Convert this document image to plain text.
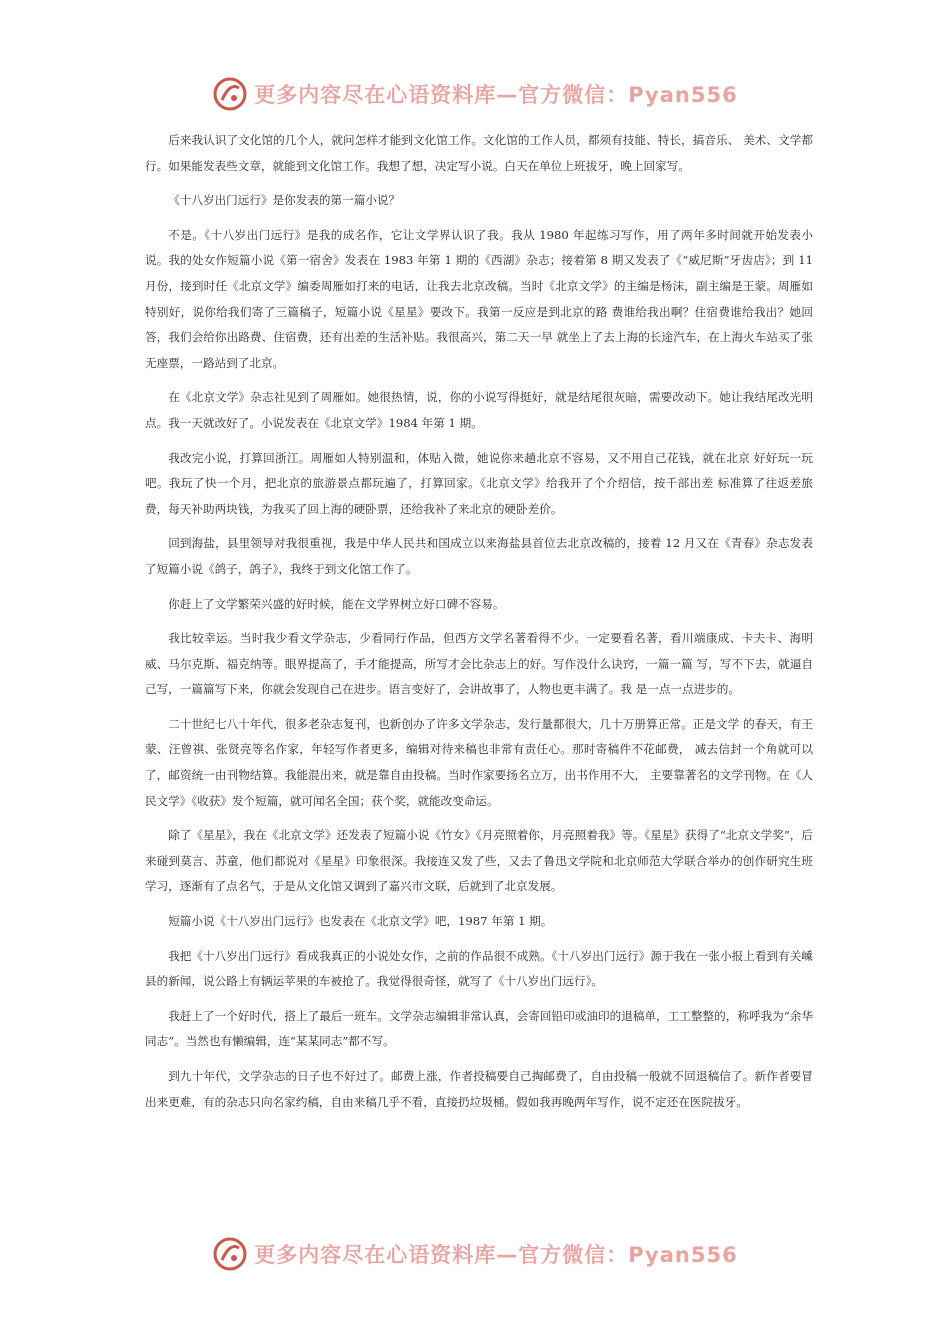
更多内容尽在心语资料库—官方微信：Pyan556

后来我认识了文化馆的几个人，就问怎样才能到文化馆工作。文化馆的工作人员，都须有技能、特长，搞音乐、 美术、文学都行。如果能发表些文章，就能到文化馆工作。我想了想，决定写小说。白天在单位上班拔牙，晚上回家写。

《十八岁出门远行》是你发表的第一篇小说？

不是。《十八岁出门远行》是我的成名作，它让文学界认识了我。我从 1980 年起练习写作，用了两年多时间就开始发表小说。我的处女作短篇小说《第一宿舍》发表在 1983 年第 1 期的《西湖》杂志；接着第 8 期又发表了《“威尼斯”牙齿店》；到 11 月份，接到时任《北京文学》编委周雁如打来的电话，让我去北京改稿。当时《北京文学》的主编是杨沫，副主编是王蒙。周雁如特别好，说你给我们寄了三篇稿子，短篇小说《星星》要改下。我第一反应是到北京的路 费谁给我出啊？住宿费谁给我出？她回答，我们会给你出路费、住宿费，还有出差的生活补贴。我很高兴，第二天一早 就坐上了去上海的长途汽车，在上海火车站买了张无座票，一路站到了北京。

在《北京文学》杂志社见到了周雁如。她很热情，说，你的小说写得挺好，就是结尾很灰暗，需要改动下。她让我结尾改光明点。我一天就改好了。小说发表在《北京文学》1984 年第 1 期。

我改完小说，打算回浙江。周雁如人特别温和，体贴入微，她说你来趟北京不容易，又不用自己花钱，就在北京 好好玩一玩吧。我玩了快一个月，把北京的旅游景点都玩遍了，打算回家。《北京文学》给我开了个介绍信，按千部出差 标准算了往返差旅费，每天补助两块钱，为我买了回上海的硬卧票，还给我补了来北京的硬卧差价。

回到海盐，县里领导对我很重视，我是中华人民共和国成立以来海盐县首位去北京改稿的，接着 12 月又在《青春》杂志发表了短篇小说《鸽子，鸽子》，我终于到文化馆工作了。

你赶上了文学繁荣兴盛的好时候，能在文学界树立好口碑不容易。

我比较幸运。当时我少看文学杂志，少看同行作品，但西方文学名著看得不少。一定要看名著，看川端康成、卡夫卡、海明威、马尔克斯、福克纳等。眼界提高了，手才能提高，所写才会比杂志上的好。写作没什么诀窍，一篇一篇 写，写不下去，就逼自己写，一篇篇写下来，你就会发现自己在进步。语言变好了，会讲故事了，人物也更丰满了。我 是一点一点进步的。

二十世纪七八十年代，很多老杂志复刊，也新创办了许多文学杂志，发行量都很大，几十万册算正常。正是文学 的春天，有王蒙、汪曾祺、张贤亮等名作家，年轻写作者更多，编辑对待来稿也非常有责任心。那时寄稿件不花邮费， 减去信封一个角就可以了，邮资统一由刊物结算。我能混出来，就是靠自由投稿。当时作家要扬名立万，出书作用不大， 主要靠著名的文学刊物。在《人民文学》《收获》发个短篇，就可闻名全国；获个奖，就能改变命运。

除了《星星》，我在《北京文学》还发表了短篇小说《竹女》《月亮照着你，月亮照着我》等。《星星》获得了“北京文学奖”，后来碰到莫言、苏童，他们都说对《星星》印象很深。我接连又发了些，又去了鲁迅文学院和北京师范大学联合举办的创作研究生班学习，逐渐有了点名气，于是从文化馆又调到了嘉兴市文联，后就到了北京发展。

短篇小说《十八岁出门远行》也发表在《北京文学》吧，1987 年第 1 期。

我把《十八岁出门远行》看成我真正的小说处女作，之前的作品很不成熟。《十八岁出门远行》源于我在一张小报上看到有关嵊县的新闻，说公路上有辆运苹果的车被抢了。我觉得很奇怪，就写了《十八岁出门远行》。

我赶上了一个好时代，搭上了最后一班车。文学杂志编辑非常认真，会寄回铅印或油印的退稿单，工工整整的，称呼我为“余华同志”。当然也有懒编辑，连“某某同志”都不写。

到九十年代，文学杂志的日子也不好过了。邮费上涨，作者投稿要自己掏邮费了，自由投稿一般就不回退稿信了。新作者要冒出来更难，有的杂志只向名家约稿，自由来稿几乎不看，直接扔垃圾桶。假如我再晚两年写作，说不定还在医院拔牙。

更多内容尽在心语资料库—官方微信：Pyan556
